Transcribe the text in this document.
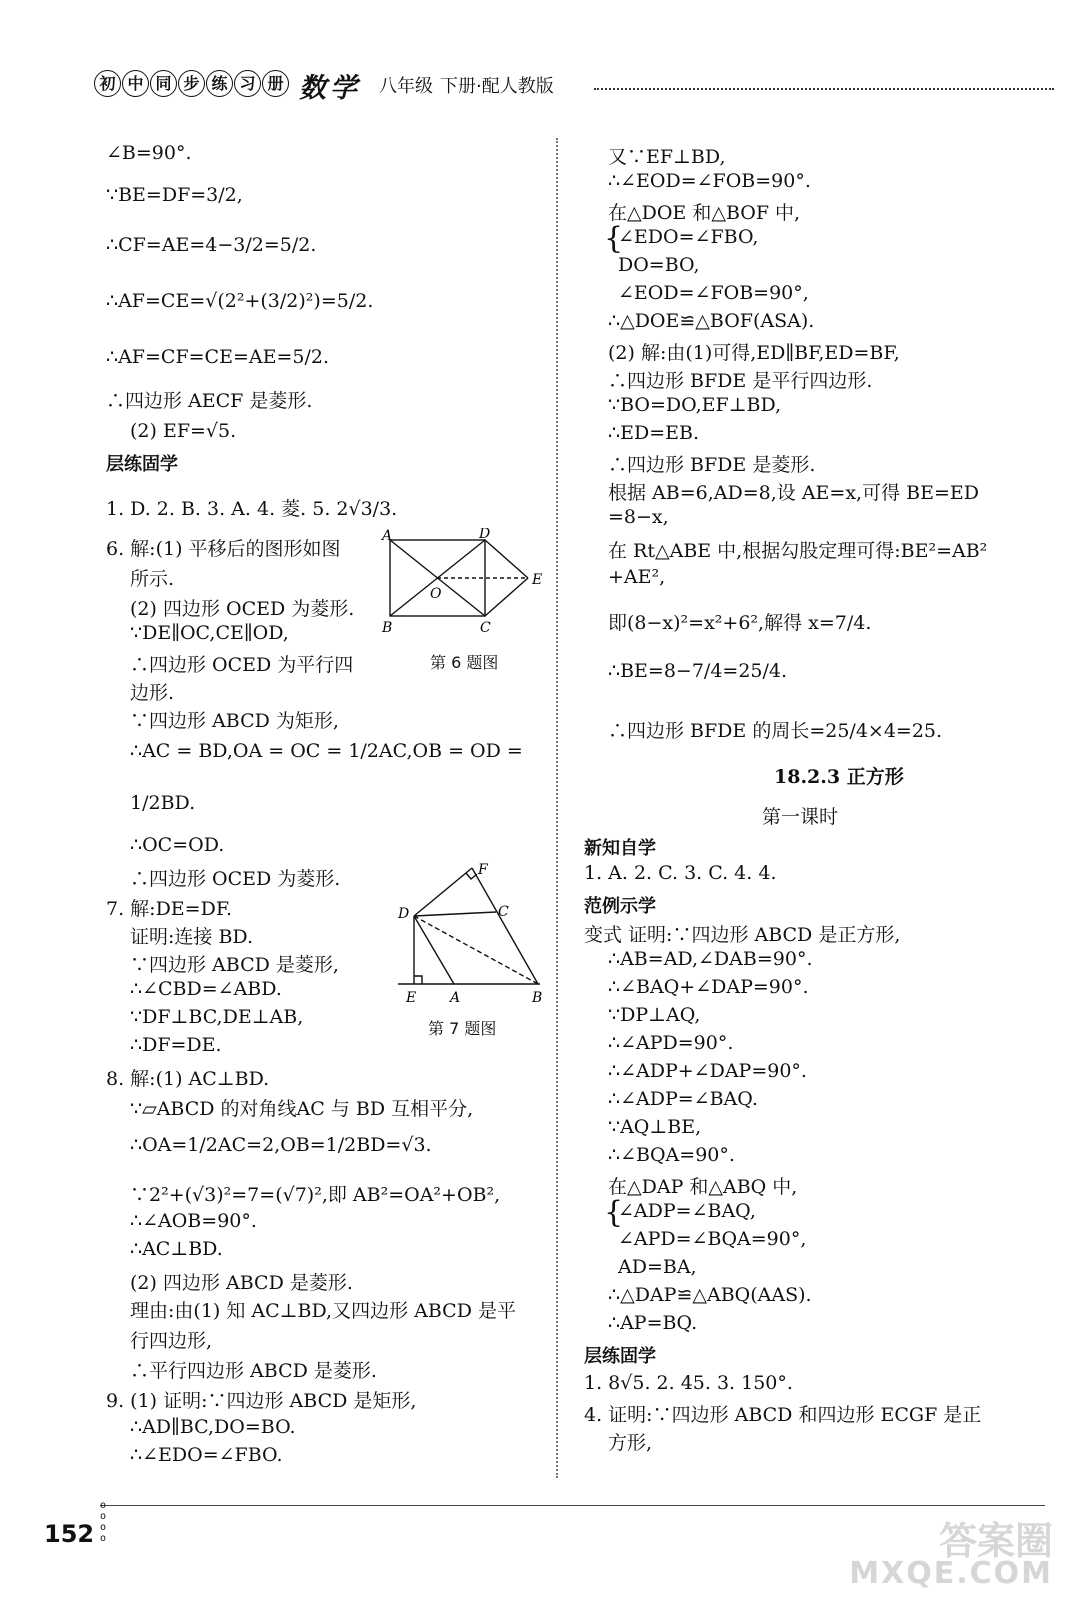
初 中 同 步 练 习 册 数学 八年级 下册·配人教版
∠B=90°.
∵BE=DF=3/2,
∴CF=AE=4−3/2=5/2.
∴AF=CE=√(2²+(3/2)²)=5/2.
∴AF=CF=CE=AE=5/2.
∴四边形 AECF 是菱形.
(2) EF=√5.
层练固学
1. D. 2. B. 3. A. 4. 菱. 5. 2√3/3.
6. 解:(1) 平移后的图形如图
所示.
(2) 四边形 OCED 为菱形.
∵DE∥OC,CE∥OD,
∴四边形 OCED 为平行四
边形.
∵四边形 ABCD 为矩形,
∴AC = BD,OA = OC = 1/2AC,OB = OD =
1/2BD.
∴OC=OD.
∴四边形 OCED 为菱形.
7. 解:DE=DF.
证明:连接 BD.
∵四边形 ABCD 是菱形,
∴∠CBD=∠ABD.
∵DF⊥BC,DE⊥AB,
∴DF=DE.
8. 解:(1) AC⊥BD.
∵▱ABCD 的对角线AC 与 BD 互相平分,
∴OA=1/2AC=2,OB=1/2BD=√3.
∵2²+(√3)²=7=(√7)²,即 AB²=OA²+OB²,
∴∠AOB=90°.
∴AC⊥BD.
(2) 四边形 ABCD 是菱形.
理由:由(1) 知 AC⊥BD,又四边形 ABCD 是平
行四边形,
∴平行四边形 ABCD 是菱形.
9. (1) 证明:∵四边形 ABCD 是矩形,
∴AD∥BC,DO=BO.
∴∠EDO=∠FBO.
A	D
E
O
B	C
第 6 题图
F
D	C
E A	B
第 7 题图
又∵EF⊥BD,
∴∠EOD=∠FOB=90°.
在△DOE 和△BOF 中,
{
∠EDO=∠FBO,
DO=BO,
∠EOD=∠FOB=90°,
∴△DOE≌△BOF(ASA).
(2) 解:由(1)可得,ED∥BF,ED=BF,
∴四边形 BFDE 是平行四边形.
∵BO=DO,EF⊥BD,
∴ED=EB.
∴四边形 BFDE 是菱形.
根据 AB=6,AD=8,设 AE=x,可得 BE=ED
=8−x,
在 Rt△ABE 中,根据勾股定理可得:BE²=AB²
+AE²,
即(8−x)²=x²+6²,解得 x=7/4.
∴BE=8−7/4=25/4.
∴四边形 BFDE 的周长=25/4×4=25.
18.2.3 正方形
第一课时
新知自学
1. A. 2. C. 3. C. 4. 4.
范例示学
变式 证明:∵四边形 ABCD 是正方形,
∴AB=AD,∠DAB=90°.
∴∠BAQ+∠DAP=90°.
∵DP⊥AQ,
∴∠APD=90°.
∴∠ADP+∠DAP=90°.
∴∠ADP=∠BAQ.
∵AQ⊥BE,
∴∠BQA=90°.
在△DAP 和△ABQ 中,
{
∠ADP=∠BAQ,
∠APD=∠BQA=90°,
AD=BA,
∴△DAP≌△ABQ(AAS).
∴AP=BQ.
层练固学
1. 8√5. 2. 45. 3. 150°.
4. 证明:∵四边形 ABCD 和四边形 ECGF 是正
方形,
o
o
o
o
152	答案圈
MXQE.COM
